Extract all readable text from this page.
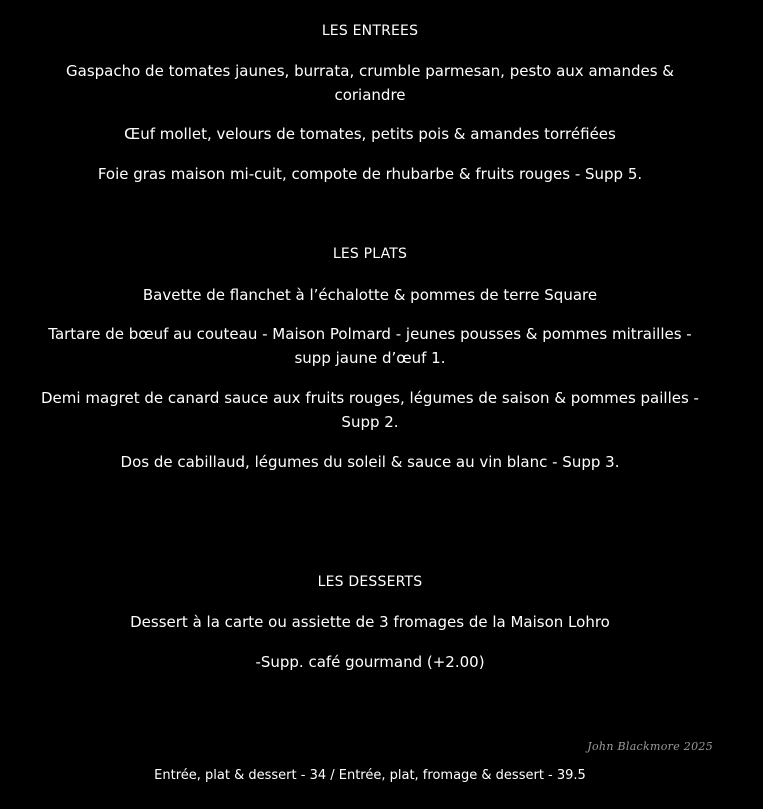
LES ENTREES
Gaspacho de tomates jaunes, burrata, crumble parmesan, pesto aux amandes & coriandre
Œuf mollet, velours de tomates, petits pois & amandes torréfiées
Foie gras maison mi-cuit, compote de rhubarbe & fruits rouges - Supp 5.
LES PLATS
Bavette de flanchet à l’échalotte & pommes de terre Square
Tartare de bœuf au couteau - Maison Polmard - jeunes pousses & pommes mitrailles - supp jaune d’œuf 1.
Demi magret de canard sauce aux fruits rouges, légumes de saison & pommes pailles - Supp 2.
Dos de cabillaud, légumes du soleil & sauce au vin blanc - Supp 3.
LES DESSERTS
Dessert à la carte ou assiette de 3 fromages de la Maison Lohro
-Supp. café gourmand (+2.00)
John Blackmore 2025
Entrée, plat & dessert - 34 / Entrée, plat, fromage & dessert - 39.5
